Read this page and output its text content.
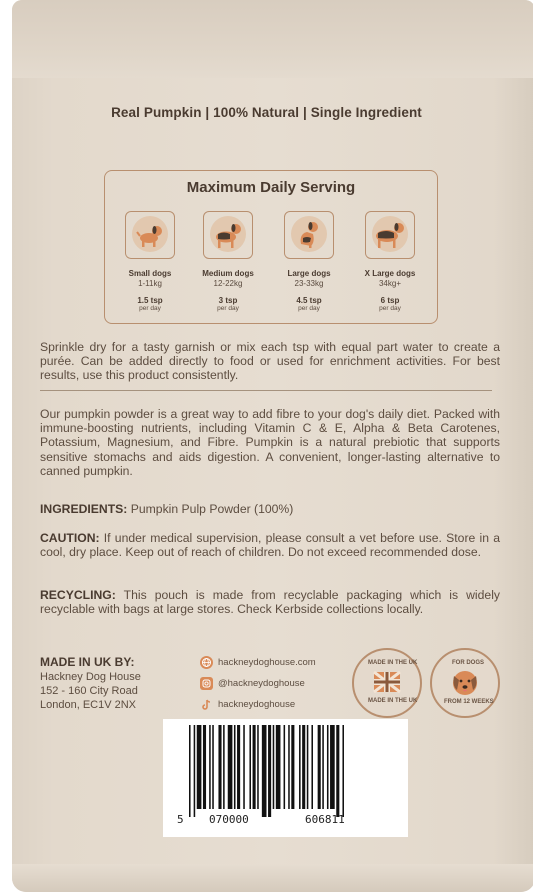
Real Pumpkin | 100% Natural | Single Ingredient
Maximum Daily Serving
Small dogs
1-11kg
1.5 tsp
per day
Medium dogs
12-22kg
3 tsp
per day
Large dogs
23-33kg
4.5 tsp
per day
X Large dogs
34kg+
6 tsp
per day
Sprinkle dry for a tasty garnish or mix each tsp with equal part water to create a purée. Can be added directly to food or used for enrichment activities. For best results, use this product consistently.
Our pumpkin powder is a great way to add fibre to your dog's daily diet. Packed with immune-boosting nutrients, including Vitamin C & E, Alpha & Beta Carotenes, Potassium, Magnesium, and Fibre. Pumpkin is a natural prebiotic that supports sensitive stomachs and aids digestion. A convenient, longer-lasting alternative to canned pumpkin.
INGREDIENTS: Pumpkin Pulp Powder (100%)
CAUTION: If under medical supervision, please consult a vet before use. Store in a cool, dry place. Keep out of reach of children. Do not exceed recommended dose.
RECYCLING: This pouch is made from recyclable packaging which is widely recyclable with bags at large stores. Check Kerbside collections locally.
MADE IN UK BY:
Hackney Dog House
152 - 160 City Road
London, EC1V 2NX
hackneydoghouse.com
@hackneydoghouse
hackneydoghouse
MADE IN THE UK
MADE IN THE UK
FOR DOGS
FROM 12 WEEKS
5 070000	606811
